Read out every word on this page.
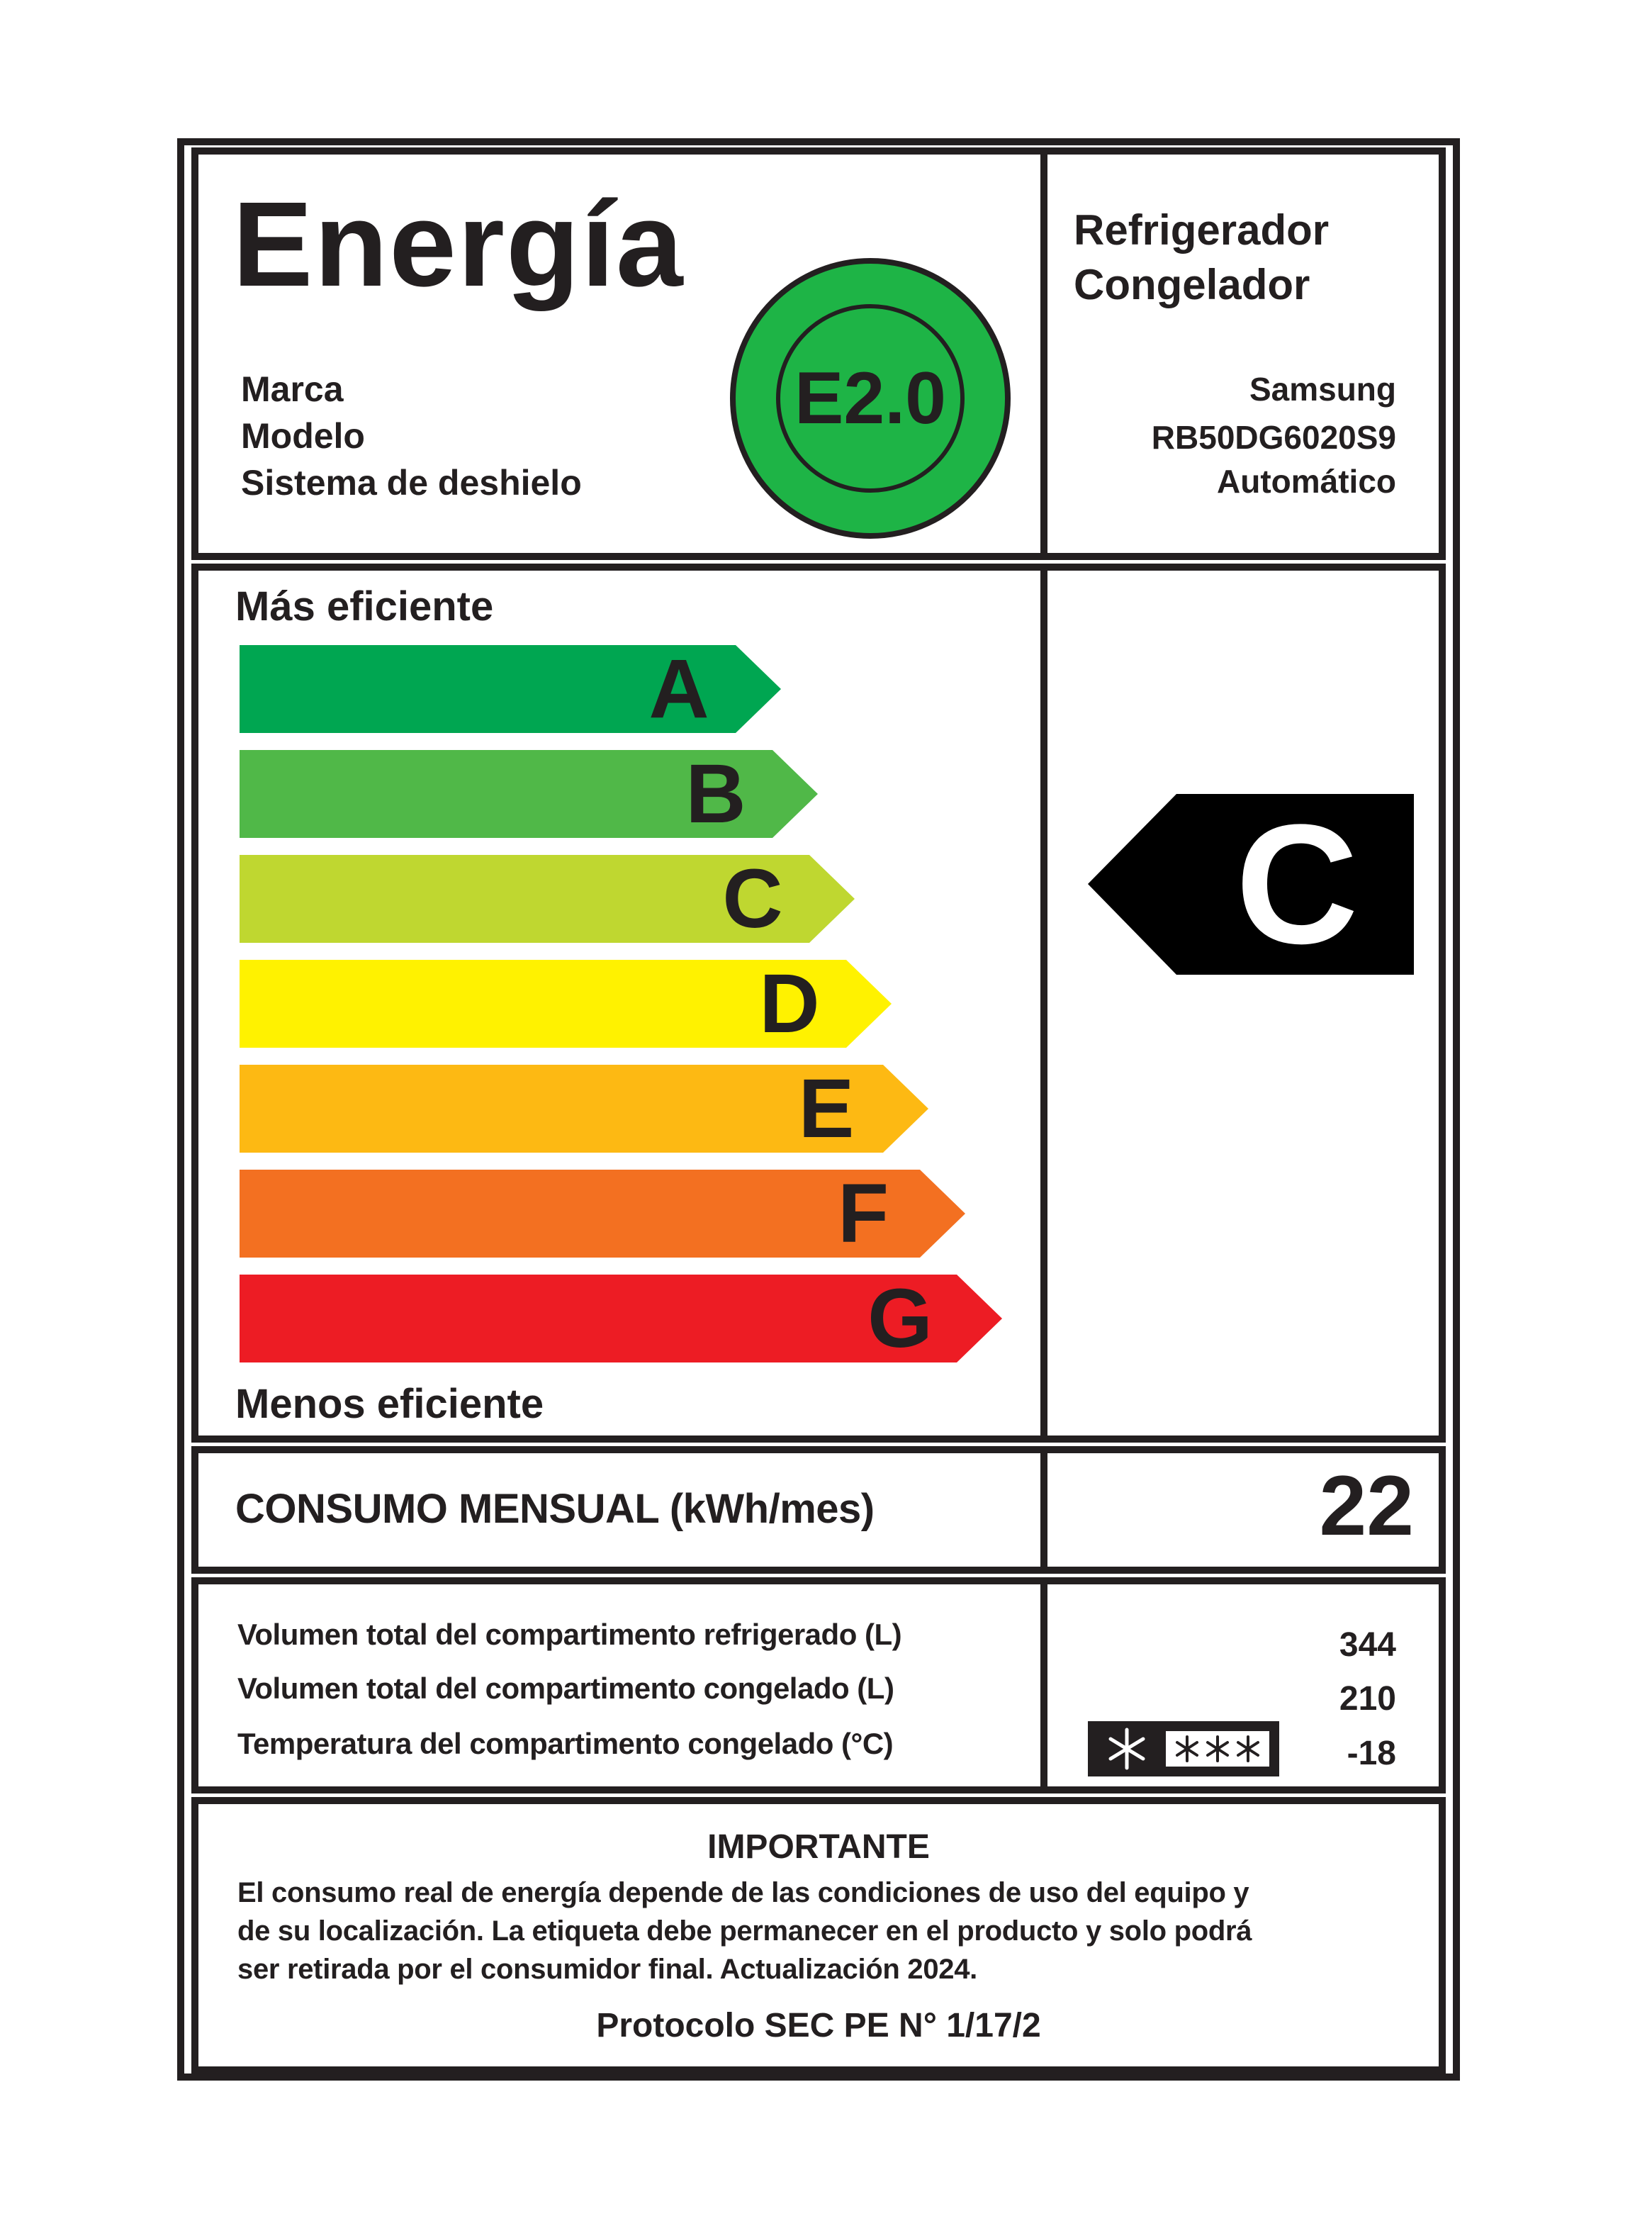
Energía
E2.0
Marca
Modelo
Sistema de deshielo
Refrigerador
Congelador
Samsung
RB50DG6020S9
Automático
Más eficiente
A
B
C
D
E
F
G
Menos eficiente
C
CONSUMO MENSUAL (kWh/mes)	22
Volumen total del compartimento refrigerado (L)
Volumen total del compartimento congelado (L)
Temperatura del compartimento congelado (°C)
344
210
-18
IMPORTANTE
El consumo real de energía depende de las condiciones de uso del equipo y
de su localización. La etiqueta debe permanecer en el producto y solo podrá
ser retirada por el consumidor final. Actualización 2024.
Protocolo SEC PE N° 1/17/2
